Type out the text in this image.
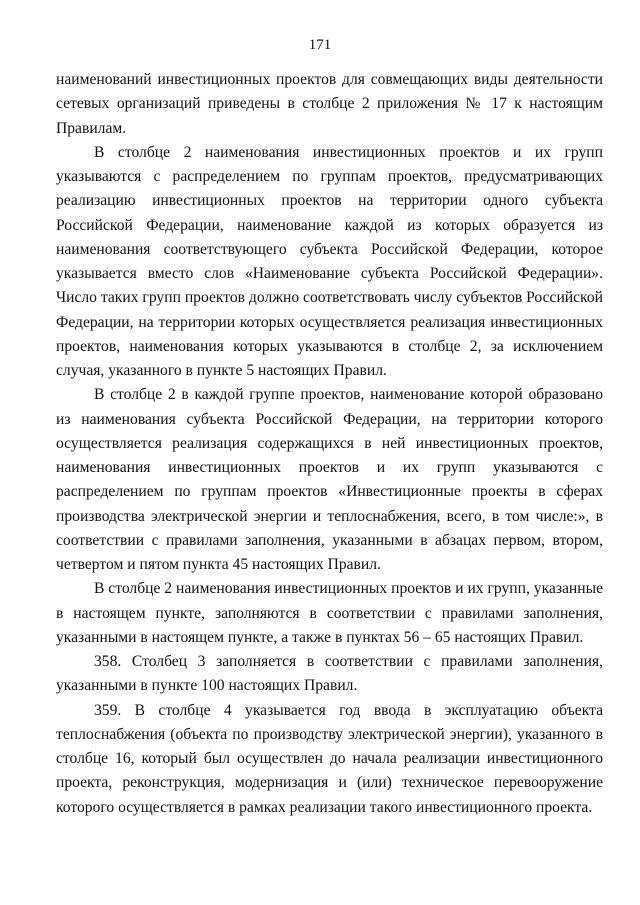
171

наименований инвестиционных проектов для совмещающих виды деятельности сетевых организаций приведены в столбце 2 приложения № 17 к настоящим Правилам.

В столбце 2 наименования инвестиционных проектов и их групп указываются с распределением по группам проектов, предусматривающих реализацию инвестиционных проектов на территории одного субъекта Российской Федерации, наименование каждой из которых образуется из наименования соответствующего субъекта Российской Федерации, которое указывается вместо слов «Наименование субъекта Российской Федерации». Число таких групп проектов должно соответствовать числу субъектов Российской Федерации, на территории которых осуществляется реализация инвестиционных проектов, наименования которых указываются в столбце 2, за исключением случая, указанного в пункте 5 настоящих Правил.

В столбце 2 в каждой группе проектов, наименование которой образовано из наименования субъекта Российской Федерации, на территории которого осуществляется реализация содержащихся в ней инвестиционных проектов, наименования инвестиционных проектов и их групп указываются с распределением по группам проектов «Инвестиционные проекты в сферах производства электрической энергии и теплоснабжения, всего, в том числе:», в соответствии с правилами заполнения, указанными в абзацах первом, втором, четвертом и пятом пункта 45 настоящих Правил.

В столбце 2 наименования инвестиционных проектов и их групп, указанные в настоящем пункте, заполняются в соответствии с правилами заполнения, указанными в настоящем пункте, а также в пунктах 56 – 65 настоящих Правил.

358. Столбец 3 заполняется в соответствии с правилами заполнения, указанными в пункте 100 настоящих Правил.

359. В столбце 4 указывается год ввода в эксплуатацию объекта теплоснабжения (объекта по производству электрической энергии), указанного в столбце 16, который был осуществлен до начала реализации инвестиционного проекта, реконструкция, модернизация и (или) техническое перевооружение которого осуществляется в рамках реализации такого инвестиционного проекта.
